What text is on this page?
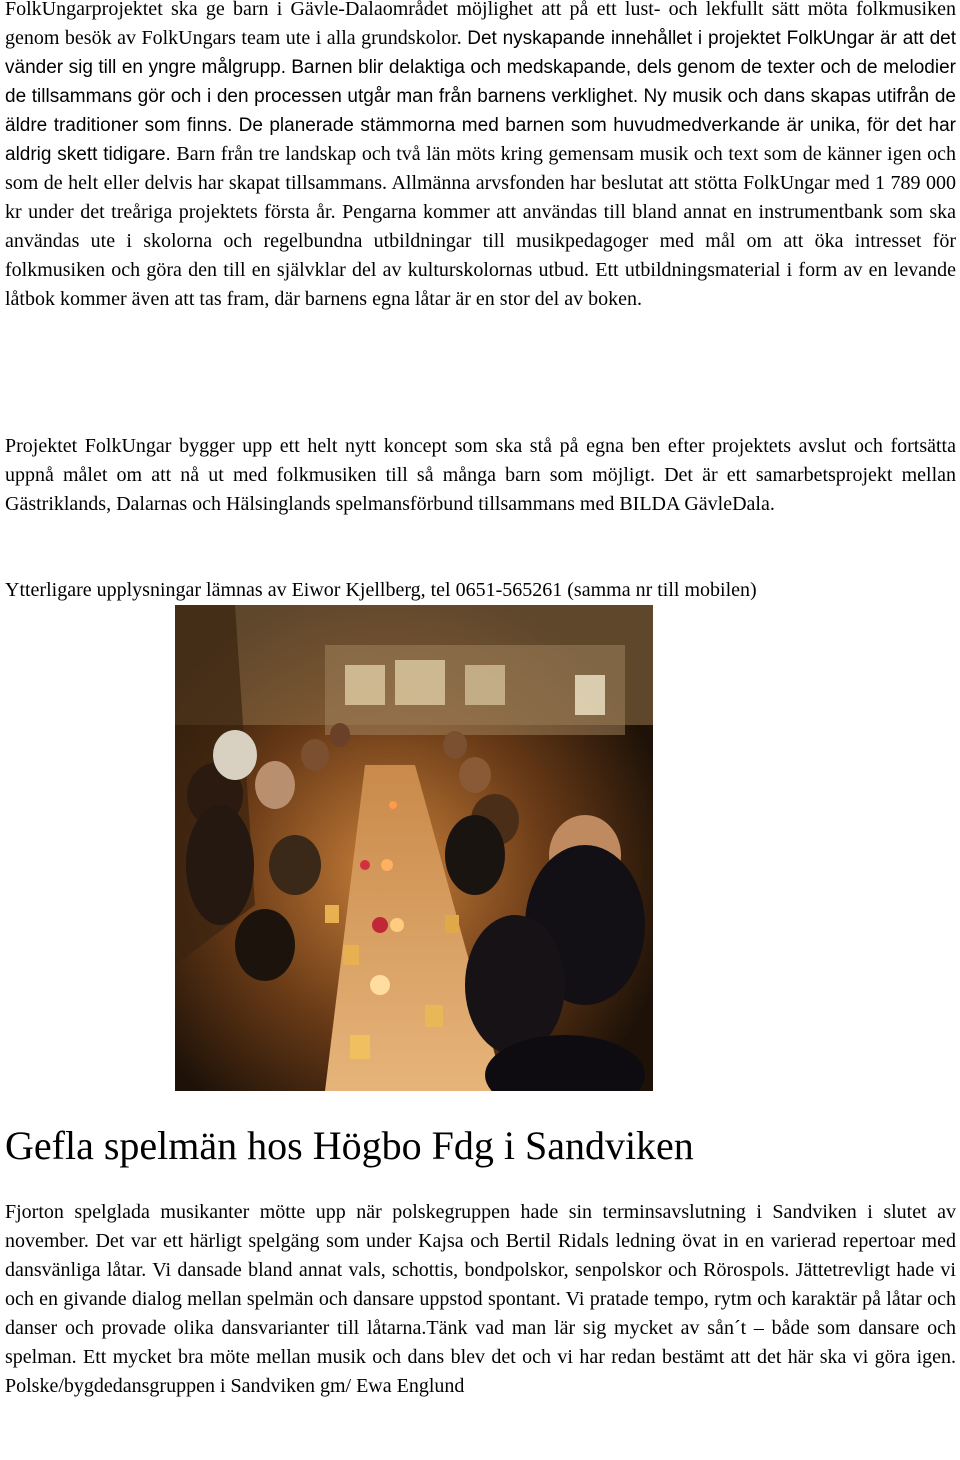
FolkUngarprojektet ska ge barn i Gävle-Dalaområdet möjlighet att på ett lust- och lekfullt sätt möta folkmusiken genom besök av FolkUngars team ute i alla grundskolor. Det nyskapande innehållet i projektet FolkUngar är att det vänder sig till en yngre målgrupp. Barnen blir delaktiga och medskapande, dels genom de texter och de melodier de tillsammans gör och i den processen utgår man från barnens verklighet. Ny musik och dans skapas utifrån de äldre traditioner som finns. De planerade stämmorna med barnen som huvudmedverkande är unika, för det har aldrig skett tidigare. Barn från tre landskap och två län möts kring gemensam musik och text som de känner igen och som de helt eller delvis har skapat tillsammans. Allmänna arvsfonden har beslutat att stötta FolkUngar med 1 789 000 kr under det treåriga projektets första år. Pengarna kommer att användas till bland annat en instrumentbank som ska användas ute i skolorna och regelbundna utbildningar till musikpedagoger med mål om att öka intresset för folkmusiken och göra den till en självklar del av kulturskolornas utbud. Ett utbildningsmaterial i form av en levande låtbok kommer även att tas fram, där barnens egna låtar är en stor del av boken.

Projektet FolkUngar bygger upp ett helt nytt koncept som ska stå på egna ben efter projektets avslut och fortsätta uppnå målet om att nå ut med folkmusiken till så många barn som möjligt. Det är ett samarbetsprojekt mellan Gästriklands, Dalarnas och Hälsinglands spelmansförbund tillsammans med BILDA GävleDala.

Ytterligare upplysningar lämnas av Eiwor Kjellberg, tel 0651-565261 (samma nr till mobilen)

Gefla spelmän hos Högbo Fdg i Sandviken

Fjorton spelglada musikanter mötte upp när polskegruppen hade sin terminsavslutning i Sandviken i slutet av november. Det var ett härligt spelgäng som under Kajsa och Bertil Ridals ledning övat in en varierad repertoar med dansvänliga låtar. Vi dansade bland annat vals, schottis, bondpolskor, senpolskor och Rörospols. Jättetrevligt hade vi och en givande dialog mellan spelmän och dansare uppstod spontant. Vi pratade tempo, rytm och karaktär på låtar och danser och provade olika dansvarianter till låtarna.Tänk vad man lär sig mycket av sån´t – både som dansare och spelman. Ett mycket bra möte mellan musik och dans blev det och vi har redan bestämt att det här ska vi göra igen. Polske/bygdedansgruppen i Sandviken gm/ Ewa Englund
